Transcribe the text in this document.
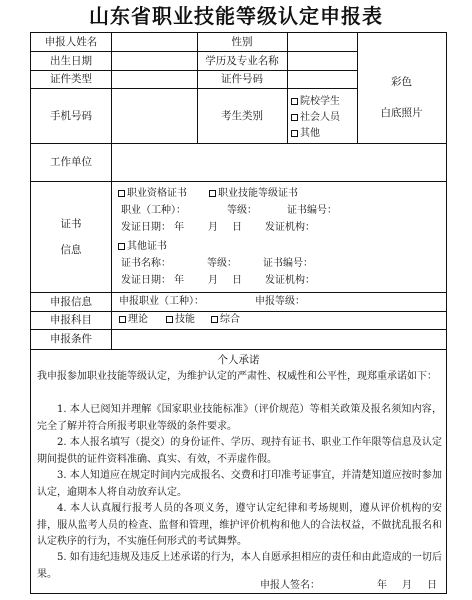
山东省职业技能等级认定申报表
申报人姓名	性别
出生日期	学历及专业名称
证件类型	证件号码
手机号码	考生类别
院校学生
社会人员
其他
彩色
白底照片
工作单位
证书
信息
职业资格证书	职业技能等级证书
职业（工种）：	等级：	证书编号：
发证日期： 年 月 日 发证机构：
其他证书
证书名称：	等级：	证书编号：
发证日期： 年 月 日 发证机构：
申报信息	申报职业（工种）：	申报等级：
申报科目	理论	技能	综合
申报条件
个人承诺
我申报参加职业技能等级认定，为维护认定的严肃性、权威性和公平性，现郑重承诺如下：
1. 本人已阅知并理解《国家职业技能标准》（评价规范）等相关政策及报名须知内容，完全了解并符合所报考职业等级的条件要求。
2. 本人报名填写（提交）的身份证件、学历、现持有证书、职业工作年限等信息及认定期间提供的证件资料准确、真实、有效，不弄虚作假。
3. 本人知道应在规定时间内完成报名、交费和打印准考证事宜，并清楚知道应按时参加认定，逾期本人将自动放弃认定。
4. 本人认真履行报考人员的各项义务，遵守认定纪律和考场规则，遵从评价机构的安排，服从监考人员的检查、监督和管理，维护评价机构和他人的合法权益，不做扰乱报名和认定秩序的行为，不实施任何形式的考试舞弊。
5. 如有违纪违规及违反上述承诺的行为，本人自愿承担相应的责任和由此造成的一切后果。
申报人签名：	年 月 日
